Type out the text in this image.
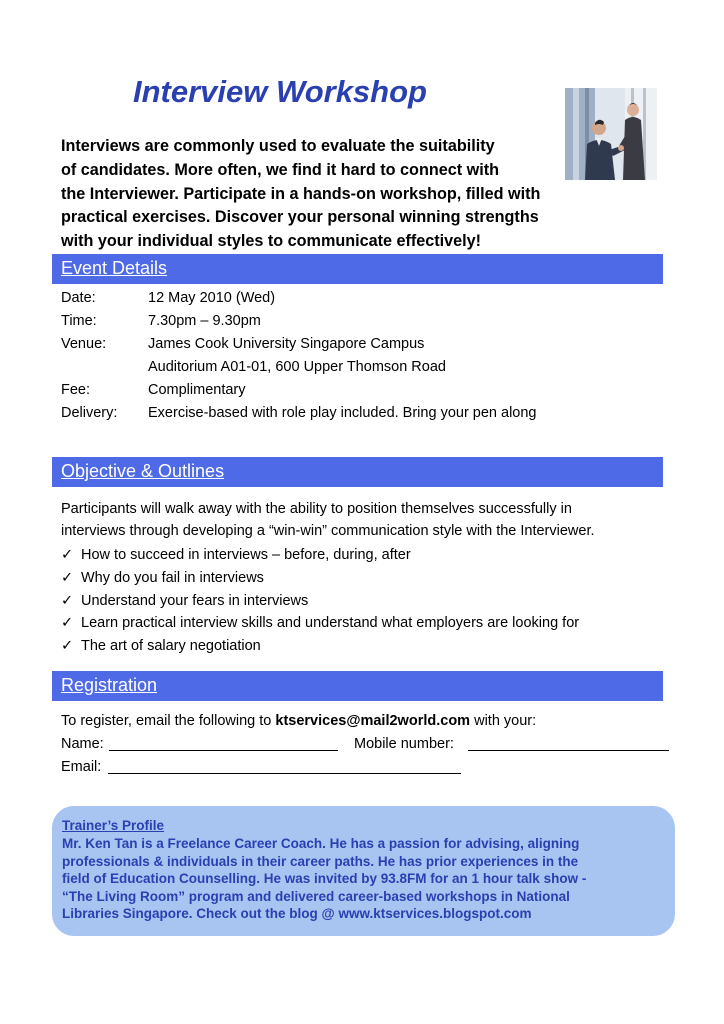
Interview Workshop
Interviews are commonly used to evaluate the suitability
of candidates. More often, we find it hard to connect with
the Interviewer. Participate in a hands-on workshop, filled with
practical exercises. Discover your personal winning strengths
with your individual styles to communicate effectively!
Event Details
Date:	12 May 2010 (Wed)
Time:	7.30pm – 9.30pm
Venue:	James Cook University Singapore Campus
Auditorium A01-01, 600 Upper Thomson Road
Fee:	Complimentary
Delivery: Exercise-based with role play included. Bring your pen along
Objective & Outlines
Participants will walk away with the ability to position themselves successfully in
interviews through developing a “win-win” communication style with the Interviewer.
✓ How to succeed in interviews – before, during, after
✓ Why do you fail in interviews
✓ Understand your fears in interviews
✓ Learn practical interview skills and understand what employers are looking for
✓ The art of salary negotiation
Registration
To register, email the following to ktservices@mail2world.com with your:
Name:	Mobile number:
Email:
Trainer’s Profile
Mr. Ken Tan is a Freelance Career Coach. He has a passion for advising, aligning
professionals & individuals in their career paths. He has prior experiences in the
field of Education Counselling. He was invited by 93.8FM for an 1 hour talk show -
“The Living Room” program and delivered career-based workshops in National
Libraries Singapore. Check out the blog @ www.ktservices.blogspot.com
